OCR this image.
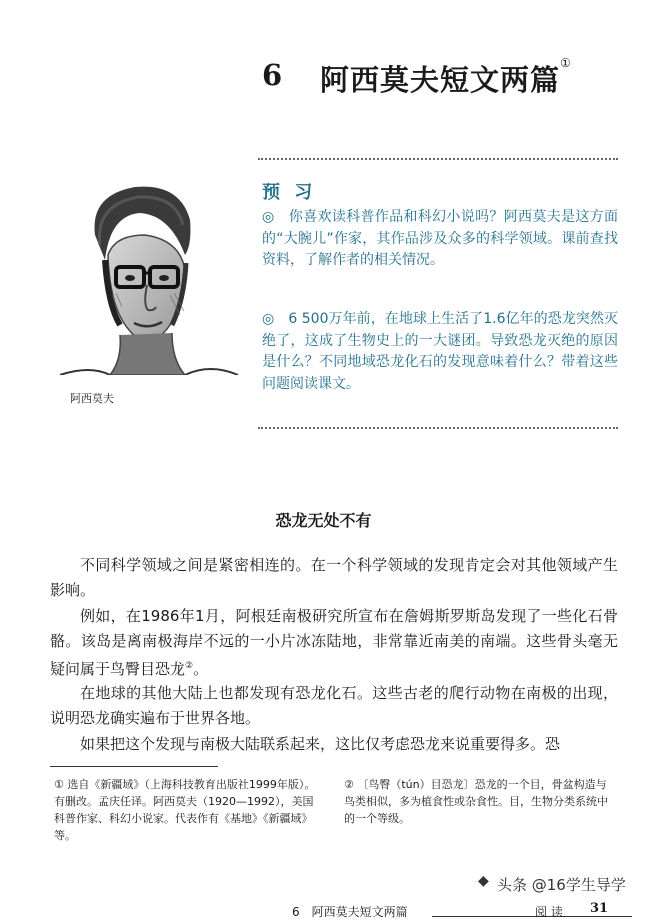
6 阿西莫夫短文两篇①
阿西莫夫
预 习
◎　你喜欢读科普作品和科幻小说吗？阿西莫夫是这方面的“大腕儿”作家，其作品涉及众多的科学领域。课前查找资料，了解作者的相关情况。
◎　6 500万年前，在地球上生活了1.6亿年的恐龙突然灭绝了，这成了生物史上的一大谜团。导致恐龙灭绝的原因是什么？不同地域恐龙化石的发现意味着什么？带着这些问题阅读课文。
恐龙无处不有
不同科学领域之间是紧密相连的。在一个科学领域的发现肯定会对其他领域产生影响。
例如，在1986年1月，阿根廷南极研究所宣布在詹姆斯罗斯岛发现了一些化石骨骼。该岛是离南极海岸不远的一小片冰冻陆地，非常靠近南美的南端。这些骨头毫无疑问属于鸟臀目恐龙②。
在地球的其他大陆上也都发现有恐龙化石。这些古老的爬行动物在南极的出现，说明恐龙确实遍布于世界各地。
如果把这个发现与南极大陆联系起来，这比仅考虑恐龙来说重要得多。恐
① 选自《新疆域》（上海科技教育出版社1999年版）。有删改。孟庆任译。阿西莫夫（1920—1992），美国科普作家、科幻小说家。代表作有《基地》《新疆域》等。
② 〔鸟臀（tún）目恐龙〕恐龙的一个目，骨盆构造与鸟类相似，多为植食性或杂食性。目，生物分类系统中的一个等级。
◆ 头条 @16学生导学
6　阿西莫夫短文两篇	阅 读 31
